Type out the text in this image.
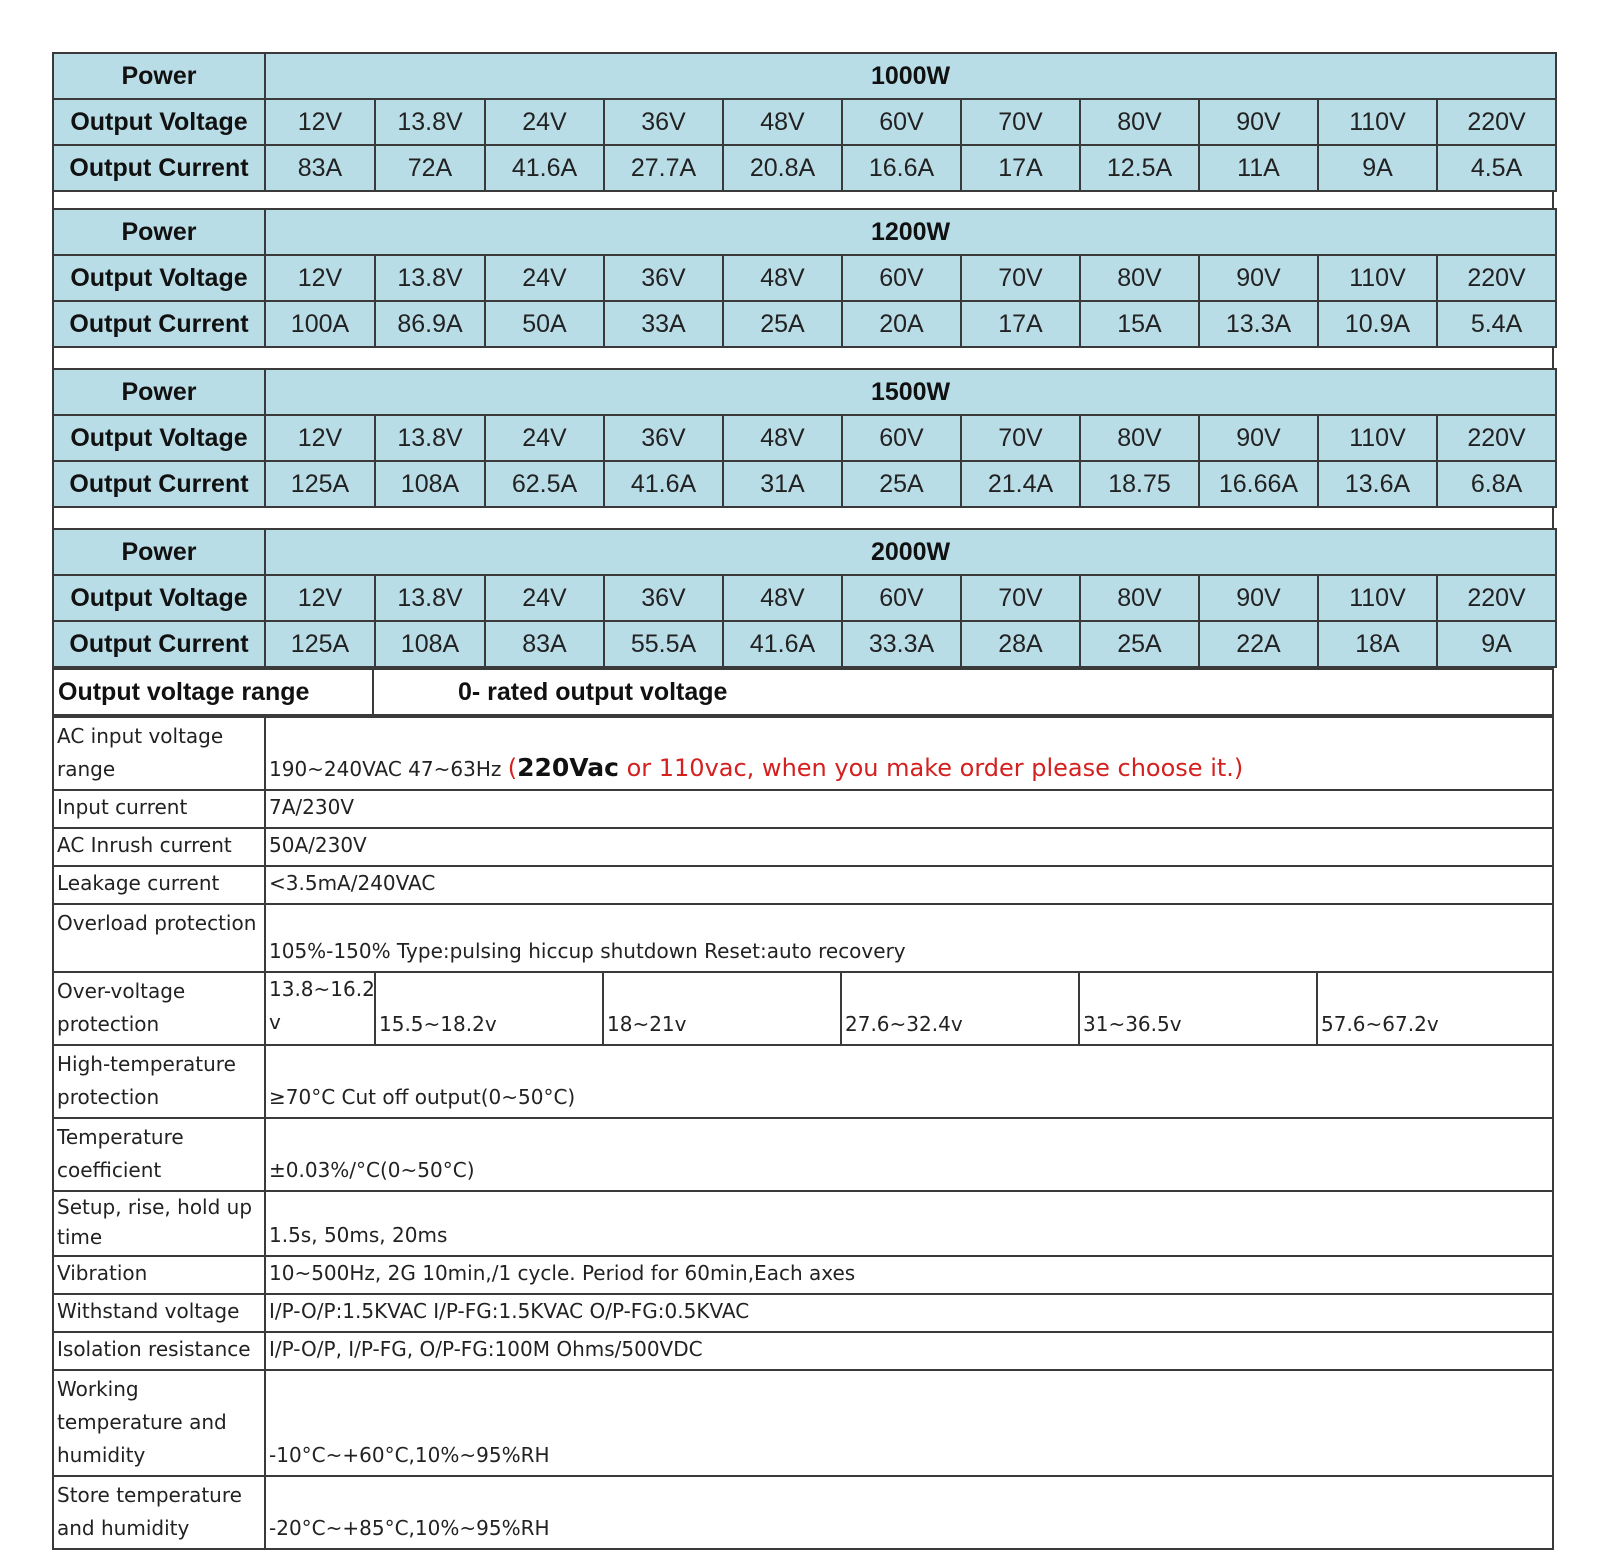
Power	1000W										
Output Voltage	12V	13.8V	24V	36V	48V	60V	70V	80V	90V	110V	220V
Output Current	83A	72A	41.6A	27.7A	20.8A	16.6A	17A	12.5A	11A	9A	4.5A
Power	1200W										
Output Voltage	12V	13.8V	24V	36V	48V	60V	70V	80V	90V	110V	220V
Output Current	100A	86.9A	50A	33A	25A	20A	17A	15A	13.3A	10.9A	5.4A
Power	1500W										
Output Voltage	12V	13.8V	24V	36V	48V	60V	70V	80V	90V	110V	220V
Output Current	125A	108A	62.5A	41.6A	31A	25A	21.4A	18.75	16.66A	13.6A	6.8A
Power	2000W										
Output Voltage	12V	13.8V	24V	36V	48V	60V	70V	80V	90V	110V	220V
Output Current	125A	108A	83A	55.5A	41.6A	33.3A	28A	25A	22A	18A	9A
Output voltage range	0- rated output voltage
AC input voltage range	190~240VAC 47~63Hz (220Vac or 110vac, when you make order please choose it.)					
Input current	7A/230V					
AC Inrush current	50A/230V					
Leakage current	<3.5mA/240VAC					
Overload protection	105%-150% Type:pulsing hiccup shutdown Reset:auto recovery					
Over-voltage protection	13.8~16.2 v	15.5~18.2v	18~21v	27.6~32.4v	31~36.5v	57.6~67.2v
High-temperature protection	≥70°C Cut off output(0~50°C)					
Temperature coefficient	±0.03%/°C(0~50°C)					
Setup, rise, hold up time	1.5s, 50ms, 20ms					
Vibration	10~500Hz, 2G 10min,/1 cycle. Period for 60min,Each axes					
Withstand voltage	I/P-O/P:1.5KVAC I/P-FG:1.5KVAC O/P-FG:0.5KVAC					
Isolation resistance	I/P-O/P, I/P-FG, O/P-FG:100M Ohms/500VDC					
Working temperature and humidity	-10°C~+60°C,10%~95%RH					
Store temperature and humidity	-20°C~+85°C,10%~95%RH					
